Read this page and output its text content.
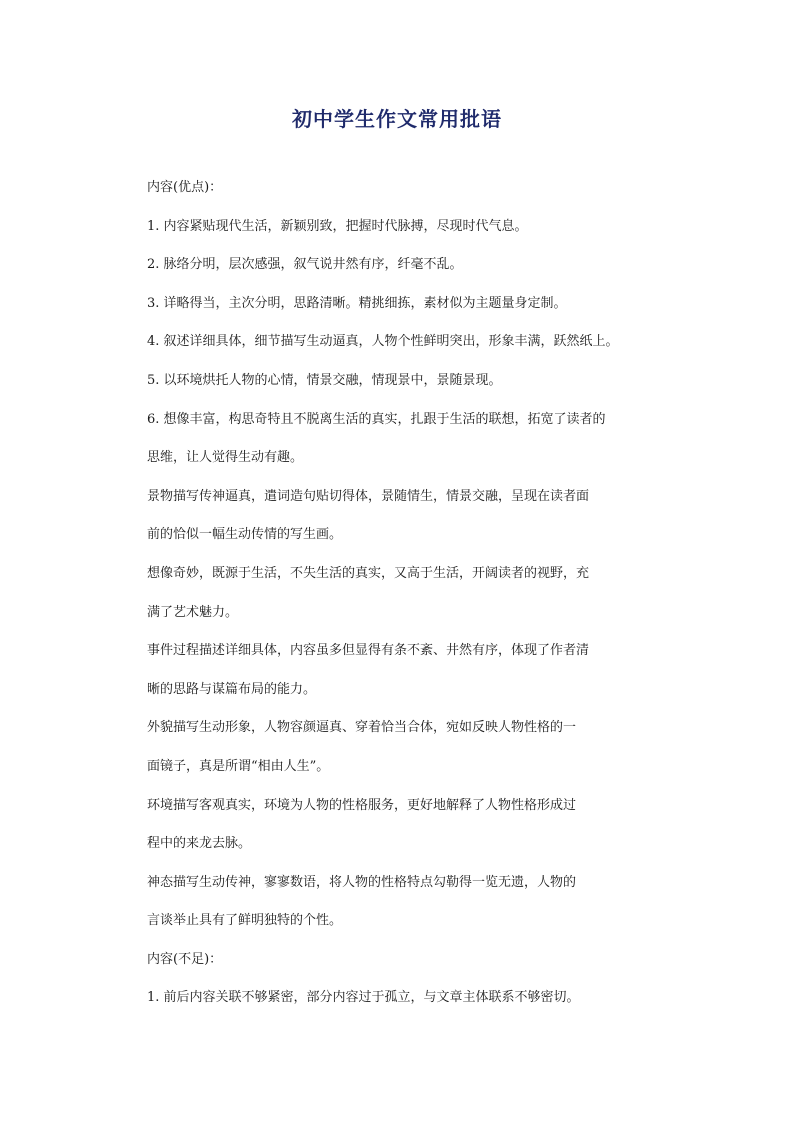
初中学生作文常用批语

内容(优点)：

1. 内容紧贴现代生活，新颖别致，把握时代脉搏，尽现时代气息。

2. 脉络分明，层次感强，叙气说井然有序，纤毫不乱。

3. 详略得当，主次分明，思路清晰。精挑细拣，素材似为主题量身定制。

4. 叙述详细具体，细节描写生动逼真，人物个性鲜明突出，形象丰满，跃然纸上。

5. 以环境烘托人物的心情，情景交融，情现景中，景随景现。

6. 想像丰富，构思奇特且不脱离生活的真实，扎跟于生活的联想，拓宽了读者的

思维，让人觉得生动有趣。

景物描写传神逼真，遣词造句贴切得体，景随情生，情景交融，呈现在读者面

前的恰似一幅生动传情的写生画。

想像奇妙，既源于生活，不失生活的真实，又高于生活，开阔读者的视野，充

满了艺术魅力。

事件过程描述详细具体，内容虽多但显得有条不紊、井然有序，体现了作者清

晰的思路与谋篇布局的能力。

外貌描写生动形象，人物容颜逼真、穿着恰当合体，宛如反映人物性格的一

面镜子，真是所谓“相由人生”。

环境描写客观真实，环境为人物的性格服务，更好地解释了人物性格形成过

程中的来龙去脉。

神态描写生动传神，寥寥数语，将人物的性格特点勾勒得一览无遗，人物的

言谈举止具有了鲜明独特的个性。

内容(不足)：

1. 前后内容关联不够紧密，部分内容过于孤立，与文章主体联系不够密切。
